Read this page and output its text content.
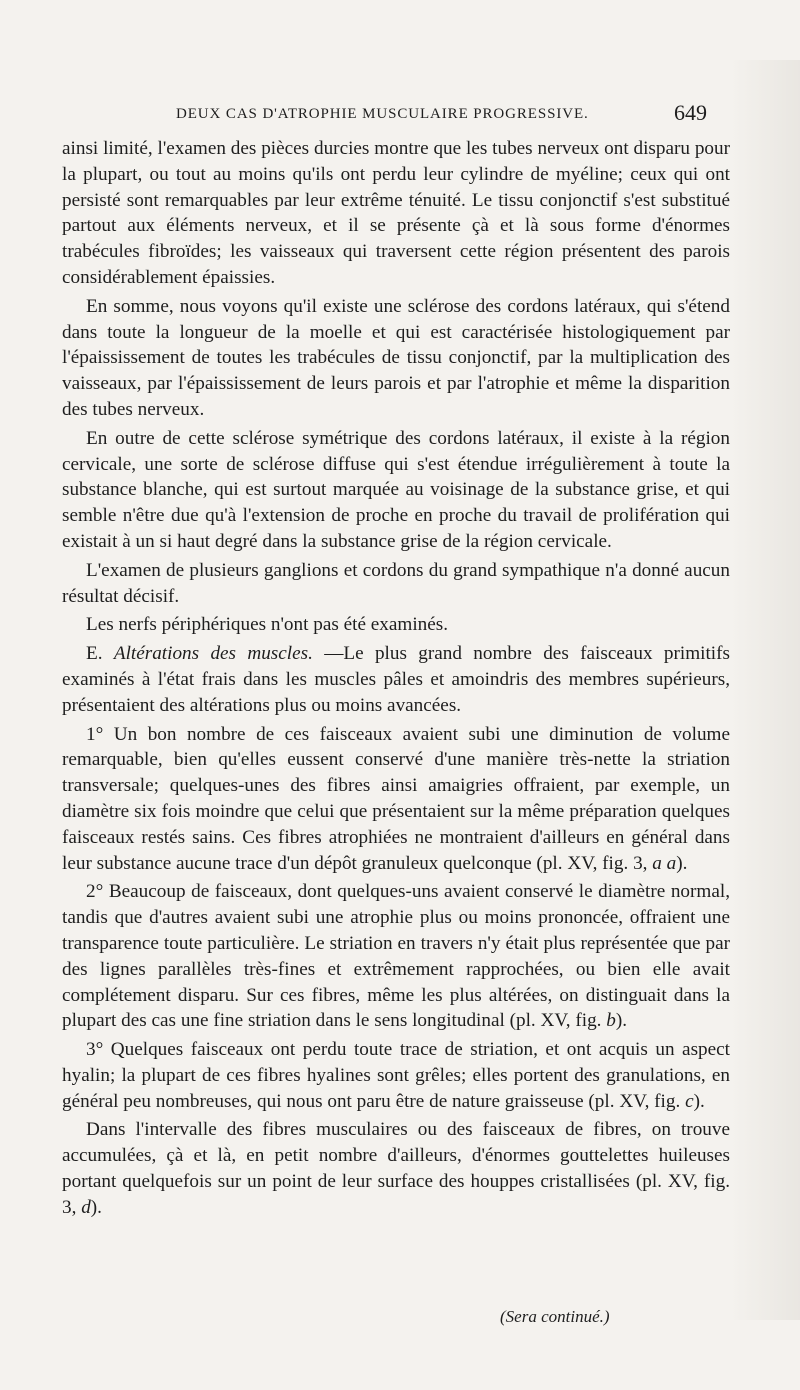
DEUX CAS D'ATROPHIE MUSCULAIRE PROGRESSIVE.	649

ainsi limité, l'examen des pièces durcies montre que les tubes nerveux ont disparu pour la plupart, ou tout au moins qu'ils ont perdu leur cylindre de myéline; ceux qui ont persisté sont remarquables par leur extrême ténuité. Le tissu conjonctif s'est substitué partout aux éléments nerveux, et il se présente çà et là sous forme d'énormes trabécules fibroïdes; les vaisseaux qui traversent cette région présentent des parois considérablement épaissies.

En somme, nous voyons qu'il existe une sclérose des cordons latéraux, qui s'étend dans toute la longueur de la moelle et qui est caractérisée histologiquement par l'épaississement de toutes les trabécules de tissu conjonctif, par la multiplication des vaisseaux, par l'épaississement de leurs parois et par l'atrophie et même la disparition des tubes nerveux.

En outre de cette sclérose symétrique des cordons latéraux, il existe à la région cervicale, une sorte de sclérose diffuse qui s'est étendue irrégulièrement à toute la substance blanche, qui est surtout marquée au voisinage de la substance grise, et qui semble n'être due qu'à l'extension de proche en proche du travail de prolifération qui existait à un si haut degré dans la substance grise de la région cervicale.

L'examen de plusieurs ganglions et cordons du grand sympathique n'a donné aucun résultat décisif.

Les nerfs périphériques n'ont pas été examinés.

E. Altérations des muscles. —Le plus grand nombre des faisceaux primitifs examinés à l'état frais dans les muscles pâles et amoindris des membres supérieurs, présentaient des altérations plus ou moins avancées.

1° Un bon nombre de ces faisceaux avaient subi une diminution de volume remarquable, bien qu'elles eussent conservé d'une manière très-nette la striation transversale; quelques-unes des fibres ainsi amaigries offraient, par exemple, un diamètre six fois moindre que celui que présentaient sur la même préparation quelques faisceaux restés sains. Ces fibres atrophiées ne montraient d'ailleurs en général dans leur substance aucune trace d'un dépôt granuleux quelconque (pl. XV, fig. 3, a a).

2° Beaucoup de faisceaux, dont quelques-uns avaient conservé le diamètre normal, tandis que d'autres avaient subi une atrophie plus ou moins prononcée, offraient une transparence toute particulière. Le striation en travers n'y était plus représentée que par des lignes parallèles très-fines et extrêmement rapprochées, ou bien elle avait complétement disparu. Sur ces fibres, même les plus altérées, on distinguait dans la plupart des cas une fine striation dans le sens longitudinal (pl. XV, fig. b).

3° Quelques faisceaux ont perdu toute trace de striation, et ont acquis un aspect hyalin; la plupart de ces fibres hyalines sont grêles; elles portent des granulations, en général peu nombreuses, qui nous ont paru être de nature graisseuse (pl. XV, fig. c).

Dans l'intervalle des fibres musculaires ou des faisceaux de fibres, on trouve accumulées, çà et là, en petit nombre d'ailleurs, d'énormes gouttelettes huileuses portant quelquefois sur un point de leur surface des houppes cristallisées (pl. XV, fig. 3, d).

(Sera continué.)
